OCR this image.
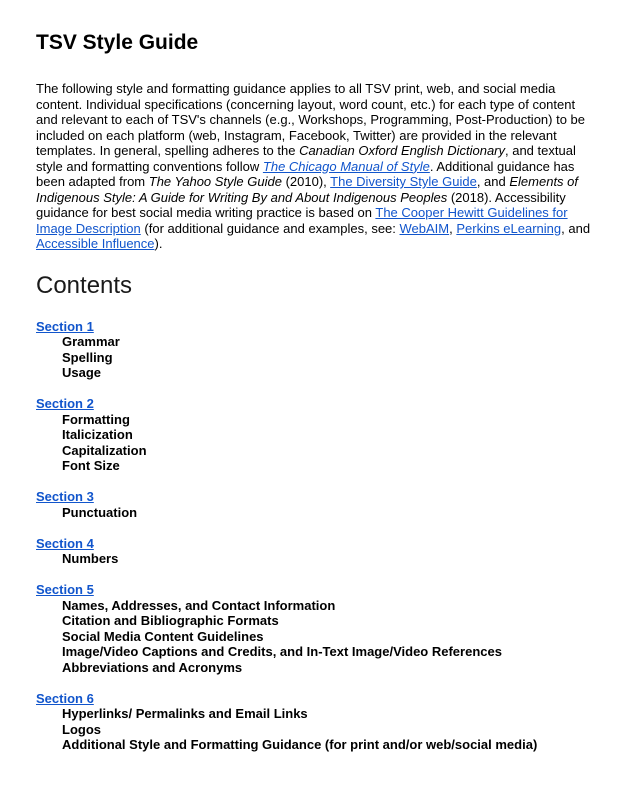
TSV Style Guide

The following style and formatting guidance applies to all TSV print, web, and social media content. Individual specifications (concerning layout, word count, etc.) for each type of content and relevant to each of TSV's channels (e.g., Workshops, Programming, Post-Production) to be included on each platform (web, Instagram, Facebook, Twitter) are provided in the relevant templates. In general, spelling adheres to the Canadian Oxford English Dictionary, and textual style and formatting conventions follow The Chicago Manual of Style. Additional guidance has been adapted from The Yahoo Style Guide (2010), The Diversity Style Guide, and Elements of Indigenous Style: A Guide for Writing By and About Indigenous Peoples (2018). Accessibility guidance for best social media writing practice is based on The Cooper Hewitt Guidelines for Image Description (for additional guidance and examples, see: WebAIM, Perkins eLearning, and Accessible Influence).

Contents
Section 1
Grammar
Spelling
Usage
Section 2
Formatting
Italicization
Capitalization
Font Size
Section 3
Punctuation
Section 4
Numbers
Section 5
Names, Addresses, and Contact Information
Citation and Bibliographic Formats
Social Media Content Guidelines
Image/Video Captions and Credits, and In-Text Image/Video References
Abbreviations and Acronyms
Section 6
Hyperlinks/ Permalinks and Email Links
Logos
Additional Style and Formatting Guidance (for print and/or web/social media)
